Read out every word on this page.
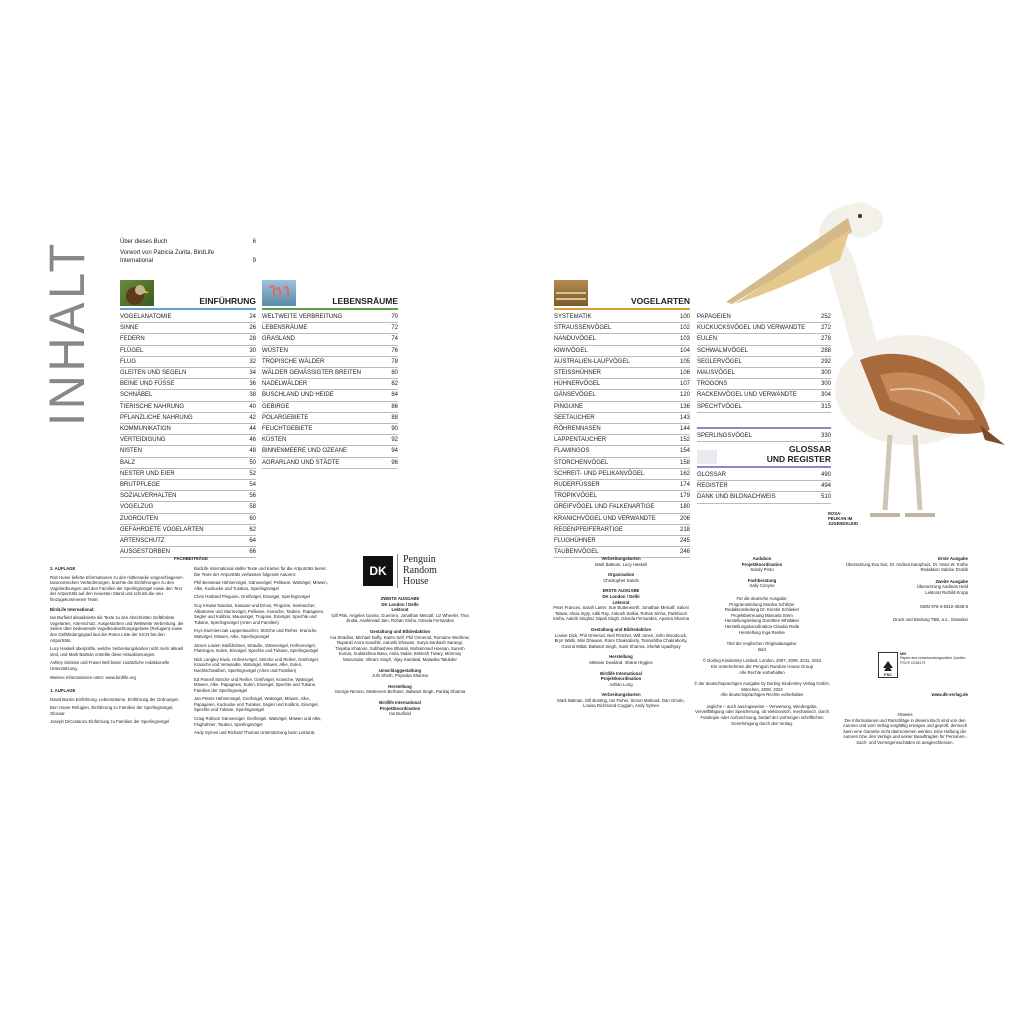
INHALT	Über dieses Buch	6
Vorwort von Patricia Zurita, BirdLife International	9
EINFÜHRUNG
VOGELANATOMIE	24
SINNE	26
FEDERN	28
FLÜGEL	30
FLUG	32
GLEITEN UND SEGELN	34
BEINE UND FÜSSE	36
SCHNÄBEL	38
TIERISCHE NAHRUNG	40
PFLANZLICHE NAHRUNG	42
KOMMUNIKATION	44
VERTEIDIGUNG	46
NISTEN	48
BALZ	50
NESTER UND EIER	52
BRUTPFLEGE	54
SOZIALVERHALTEN	56
VOGELZUG	58
ZUGROUTEN	60
GEFÄHRDETE VOGELARTEN	62
ARTENSCHUTZ	64
AUSGESTORBEN	66
LEBENSRÄUME
WELTWEITE VERBREITUNG	70
LEBENSRÄUME	72
GRASLAND	74
WÜSTEN	76
TROPISCHE WÄLDER	78
WÄLDER GEMÄSSIGTER BREITEN	80
NADELWÄLDER	82
BUSCHLAND UND HEIDE	84
GEBIRGE	86
POLARGEBIETE	88
FEUCHTGEBIETE	90
KÜSTEN	92
BINNENMEERE UND OZEANE	94
AGRARLAND UND STÄDTE	96
VOGELARTEN
SYSTEMATIK	100
STRAUSSENVÖGEL	102
NANDUVÖGEL	103
KIWIVÖGEL	104
AUSTRALIEN-LAUFVÖGEL	105
STEISSHÜHNER	106
HÜHNERVÖGEL	107
GÄNSEVÖGEL	120
PINGUINE	136
SEETAUCHER	143
RÖHRENNASEN	144
LAPPENTAUCHER	152
FLAMINGOS	154
STORCHENVÖGEL	158
SCHREIT- UND PELIKANVÖGEL	162
RUDERFÜSSER	174
TROPIKVÖGEL	179
GREIFVÖGEL UND FALKENARTIGE	180
KRANICHVÖGEL UND VERWANDTE	206
REGENPFEIFERARTIGE	218
FLUGHÜHNER	245
TAUBENVÖGEL	246
PAPAGEIEN	252
KUCKUCKSVÖGEL UND VERWANDTE	272
EULEN	278
SCHWALMVÖGEL	288
SEGLERVÖGEL	292
MAUSVÖGEL	300
TROGONS	300
RACKENVÖGEL UND VERWANDTE	304
SPECHTVÖGEL	315
SPERLINGSVÖGEL	330
GLOSSAR
UND REGISTER
GLOSSAR	490
REGISTER	494
DANK UND BILDNACHWEIS	510
ROSA-
PELIKAN IM
JUGENDKLEID
2. AUFLAGE
Rob Hume lieferte Informationen zu den mittlerweile vorgeschlagenen taxonomischen Veränderungen, brachte die Einführungen zu den Vogelordnungen und den Familien der Sperlingsvögel sowie den Text der Artporträts auf den neuesten Stand und schrieb die neu hinzugekommenen Texte.
BirdLife International:
Ian Burfield aktualisierte die Texte zu den Abschnitten Gefährdete Vogelarten, Artenschutz, Ausgestorben und Weltweite Verbreitung, die Seiten über bedeutende Vogelbeobachtungsgebiete (Refugien) sowie den Gefährdungsgrad laut der Roten Liste der IUCN bei den Artporträts.
Lucy Haskell überprüfte, welche Verbreitungskarten nicht mehr aktuell sind, und Mark Balman erstellte diese Aktualisierungen.
Ashley Simkins und Fraser Bell boten zusätzliche redaktionelle Unterstützung.
Weitere Informationen unter: www.birdlife.org
1. AUFLAGE
David Burnie Einführung, Lebensräume, Einführung der Ordnungen
Ben Hoare Refugien, Einführung zu Familien der Sperlingsvögel, Glossar
Joseph DiCostanzo Einführung zu Familien der Sperlingsvögel
FACHBEITRÄGE
BirdLife International stellte Texte und Karten für die Artporträts bereit. Die Texte der Artporträts verfassten folgende Autoren:
Phil Benstead Hühnervögel, Gänsevögel, Pelikane, Watvögel, Möwen, Alke, Kuckucke und Turakos, Sperlingsvögel
Chris Harbard Pinguine, Greifvögel, Eisvögel, Sperlingsvögel
Guy Kirwan Nandus, Kasuare und Emus, Pinguine, Seetaucher, Albatrosse und Sturmvögel, Pelikane, Kraniche, Tauben, Papageien, Segler und Kolibris, Mausvögel, Trogone, Eisvögel, Spechte und Tukane, Sperlingsvögel (Arten und Familien)
Krys Kazmierczak Lappentaucher, Störche und Reiher, Kraniche, Watvögel, Möwen, Alke, Sperlingsvögel
James Lowen Steißhühner, Strauße, Gänsevögel, Hühnervögel, Flamingos, Eulen, Eisvögel, Spechte und Tukane, Sperlingsvögel
Nick Langley Kiwis, Hühnervögel, Störche und Reiher, Greifvögel, Kraniche und Verwandte, Watvögel, Möwen, Alke, Eulen, Nachtschwalben, Sperlingsvögel (Arten und Familien)
Ed Parnell Störche und Reiher, Greifvögel, Kraniche, Watvögel, Möwen, Alke, Papageien, Eulen, Eisvögel, Spechte und Tukane, Familien der Sperlingsvögel
Jan Peters Hühnervögel, Greifvögel, Watvögel, Möwen, Alke, Papageien, Kuckucke und Turakos, Segler und Kolibris, Eisvögel, Spechte und Tukane, Sperlingsvögel
Craig Robson Gänsevögel, Greifvögel, Watvögel, Möwen und Alke, Flughühner, Tauben, Sperlingsvögel
Andy Symes und Richard Thomas Unterstützung beim Lektorat.
DK
Penguin
Random
House
ZWEITE AUSGABE
DK London / Delhi
Lektorat
Gill Pitts, Angeles Gavira, Guerrero, Jonathan Metcalf, Liz Wheeler, Tina Jindal, Aashirwad Jain, Rohan Sinha, Glenda Fernandes
Gestaltung und Bildredaktion
Ina Stradins, Michael Duffy, Karen Self, Phil Ormerod, Romaine Werblow, Rupanki Arora Kaushik, Aarushi Dhawan, Surya Sankash Sarangi, Taiyaba Khatoon, Subhashree Bharati, Mohammed Hassan, Suresh Kumar, Sudakshina Basu, Anita Yadav, Bimlesh Tiwary, Mrinmoy Mazumdar, Vikram Singh, Vijay Kandwal, Malavika Talukder
Umschlaggestaltung
Juhi Sheth, Priyanka Sharma
Herstellung
George Nimmo, Meskerem Berhane, Balwant Singh, Pankaj Sharma
Birdlife International
Projektkoordination
Ian Burfield
Verbreitungskarten
Mark Balman, Lucy Haskell
Organisation
Christopher Sands
ERSTE AUSGABE
DK London / Delhi
Lektorat
Peter Frances, Sarah Larter, Sue Butterworth, Jonathan Metcalf, Saloni Talwar, Alicia Ingty, Aditi Ray, Ankush Saikia, Rohan Sinha, Pankhoori Sinha, Aakriti Singhal, Dipali Singh, Glenda Fernandes, Aparna Sharma
Gestaltung und Bildredaktion
Louise Dick, Phil Ormerod, Neil Fletcher, Will Jones, John Woodcock, Bryn Walls, Mini Dhawan, Romi Chakraborty, Tannishtha Chakraborty, Govind Mittal, Balwant Singh, Sunil Sharma, Shefali Upadhyay
Herstellung
Melanie Dowland, Shane Higgins
Birdlife International
Projektkoordination
Adrian Long
Verbreitungskarten
Mark Balman, Gill Bunting, Ian Fisher, Simon Mahood, Dan Omolo, Louisa Richmond-Coggan, Andy Symes
Audubon
Projektkoordination
Sandy Pinto
Fachberatung
Sally Conyne
Für die deutsche Ausgabe:
Programmleitung Monika Schlitzer
Redaktionsleitung Dr. Kerstin Schlieker
Projektbetreuung Manuela Stern
Herstellungsleitung Dorothee Whittaker
Herstellungskoordination Claudia Rode
Herstellung Inga Reinke
Titel der englischen Originalausgabe:
Bird
© Dorling Kindersley Limited, London, 2007, 2009, 2011, 2022
Ein Unternehmen der Penguin Random House Group
Alle Rechte vorbehalten
© der deutschsprachigen Ausgabe by Dorling Kindersley Verlag GmbH, München, 2008, 2022
Alle deutschsprachigen Rechte vorbehalten
Jegliche – auch auszugsweise – Verwertung, Wiedergabe, Vervielfältigung oder Speicherung, ob elektronisch, mechanisch, durch Fotokopie oder Aufzeichnung, bedarf der vorherigen schriftlichen Genehmigung durch den Verlag.
Erste Ausgabe
Übersetzung Eva Sixt, Dr. Andrea Kamphuis, Dr. Hans W. Kothe
Redaktion Sabine Drobik
Zweite Ausgabe
Übersetzung Andreas Held
Lektorat Ruthild Kropp
ISBN 978-3-8310-4535-8
Druck und Bindung TBB, a.s., Slowakei
FSC
MIX
Papier aus verantwortungsvollen Quellen
FSC® C018179
www.dk-verlag.de
Hinweis
Die Informationen und Ratschläge in diesem Buch sind von den Autoren und vom Verlag sorgfältig erwogen und geprüft, dennoch kann eine Garantie nicht übernommen werden. Eine Haftung der Autoren bzw. des Verlags und seiner Beauftragten für Personen-, Sach- und Vermögensschäden ist ausgeschlossen.
